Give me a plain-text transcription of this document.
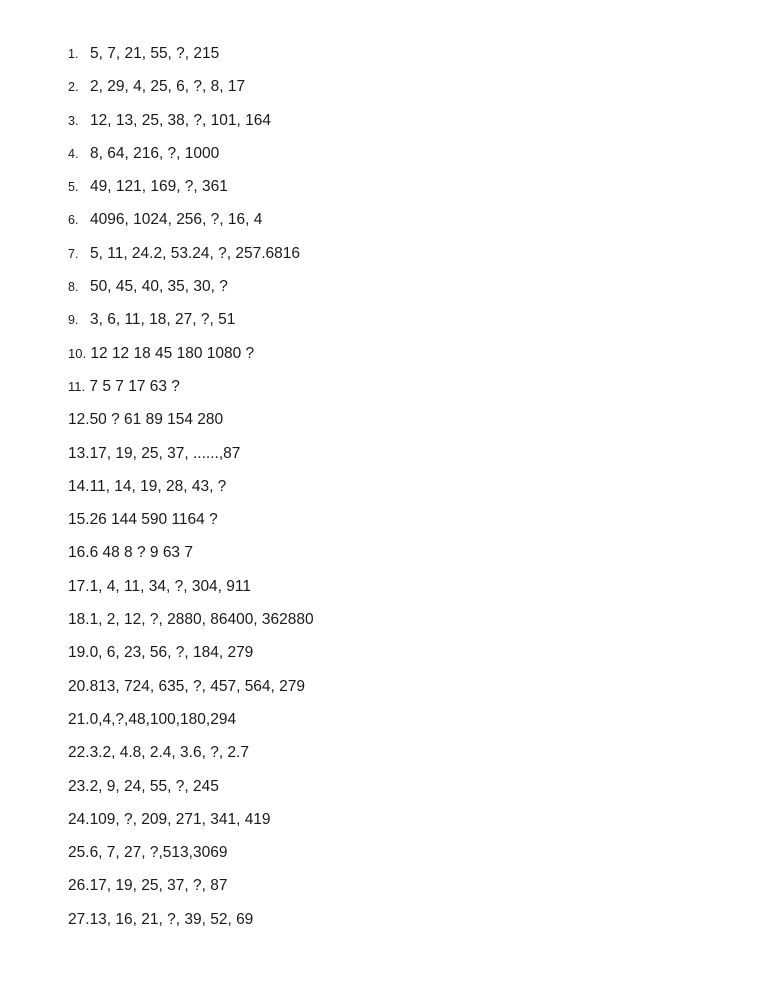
1. 5, 7, 21, 55, ?, 215
2. 2, 29, 4, 25, 6, ?, 8, 17
3. 12, 13, 25, 38, ?, 101, 164
4. 8, 64, 216, ?, 1000
5. 49, 121, 169, ?, 361
6. 4096, 1024, 256, ?, 16, 4
7. 5, 11, 24.2, 53.24, ?, 257.6816
8. 50, 45, 40, 35, 30, ?
9. 3, 6, 11, 18, 27, ?, 51
10. 12 12 18 45 180 1080 ?
11. 7 5 7 17 63 ?
12.50 ? 61 89 154 280
13.17, 19, 25, 37, ......,87
14.11, 14, 19, 28, 43, ?
15.26 144 590 1164 ?
16.6 48 8 ? 9 63 7
17.1, 4, 11, 34, ?, 304, 911
18.1, 2, 12, ?, 2880, 86400, 362880
19.0, 6, 23, 56, ?, 184, 279
20.813, 724, 635, ?, 457, 564, 279
21.0,4,?,48,100,180,294
22.3.2, 4.8, 2.4, 3.6, ?, 2.7
23.2, 9, 24, 55, ?, 245
24.109, ?, 209, 271, 341, 419
25.6, 7, 27, ?,513,3069
26.17, 19, 25, 37, ?, 87
27.13, 16, 21, ?, 39, 52, 69
